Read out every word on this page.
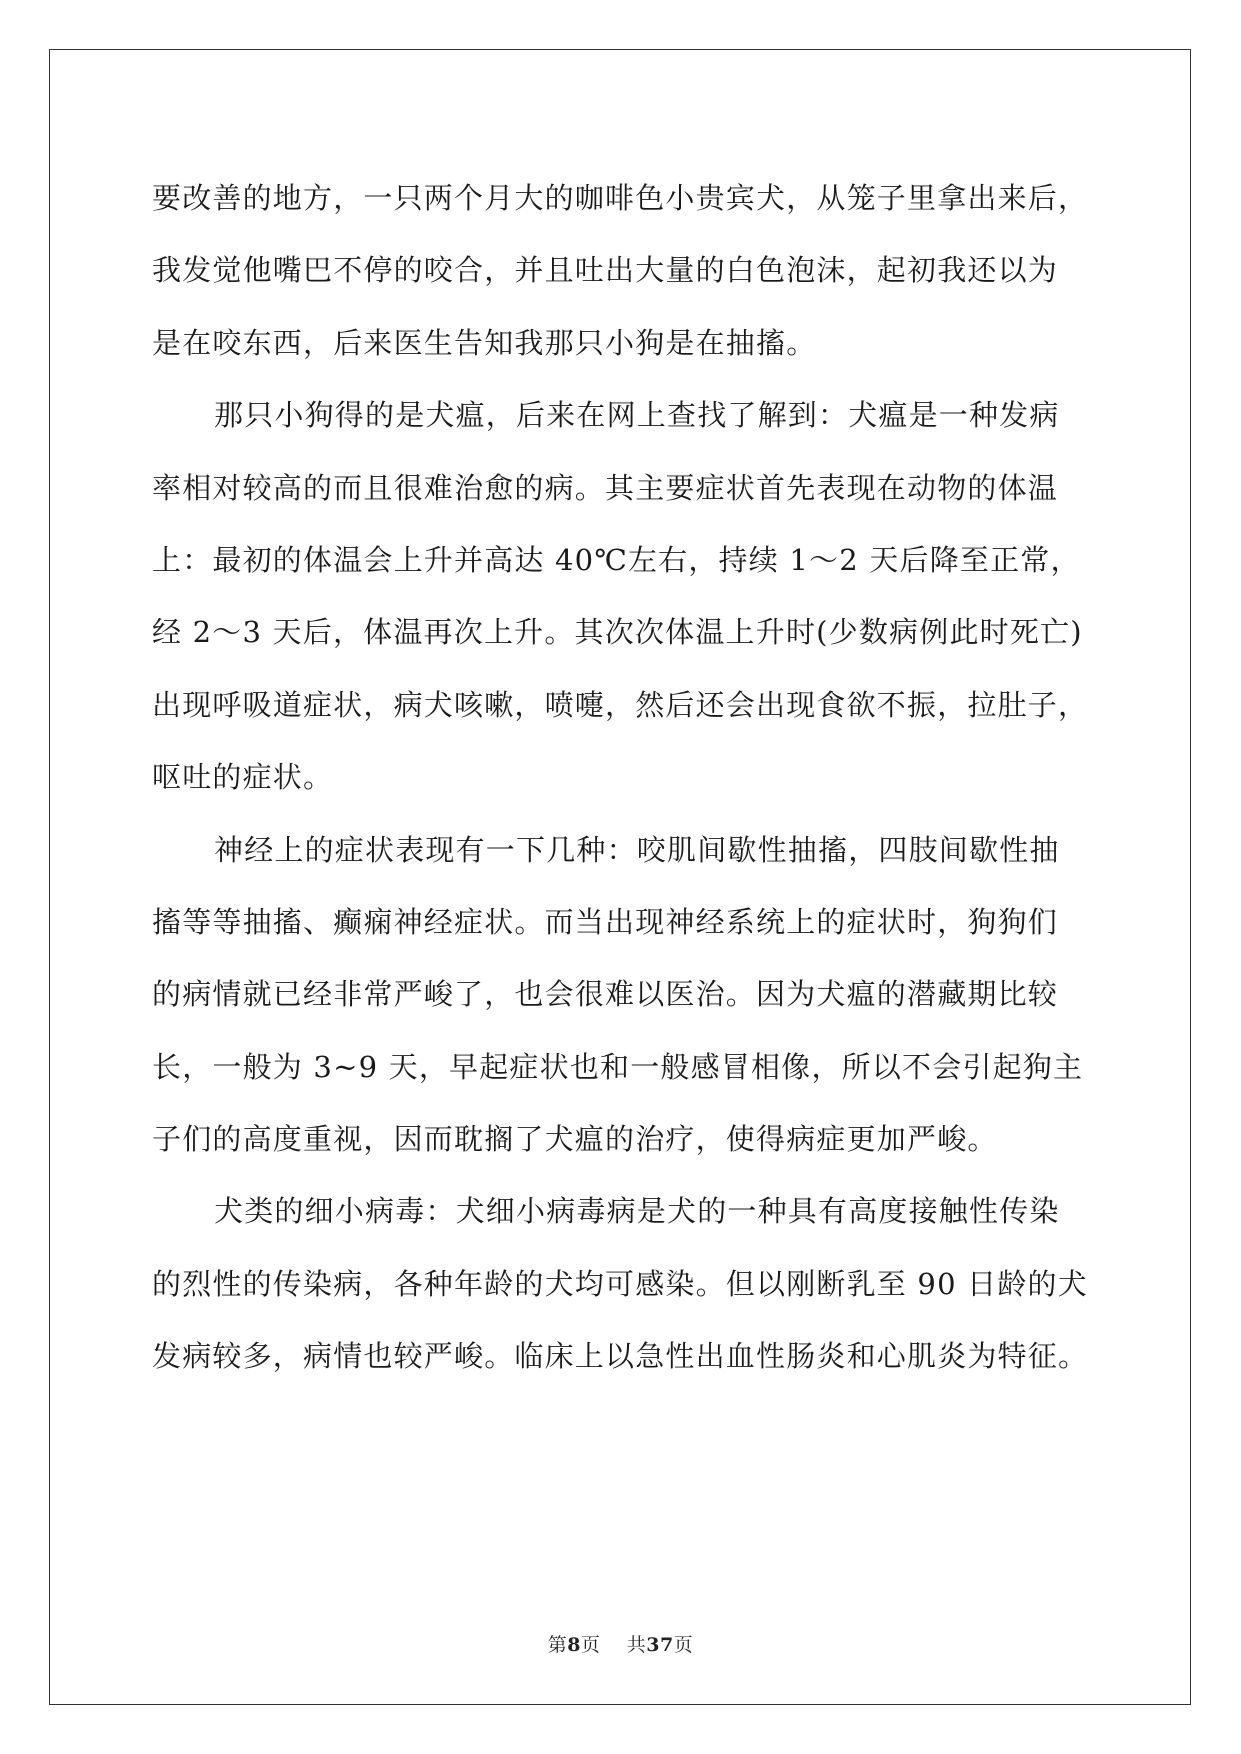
要改善的地方，一只两个月大的咖啡色小贵宾犬，从笼子里拿出来后，

我发觉他嘴巴不停的咬合，并且吐出大量的白色泡沫，起初我还以为

是在咬东西，后来医生告知我那只小狗是在抽搐。

那只小狗得的是犬瘟，后来在网上查找了解到：犬瘟是一种发病

率相对较高的而且很难治愈的病。其主要症状首先表现在动物的体温

上：最初的体温会上升并高达 40℃左右，持续 1～2 天后降至正常，

经 2～3 天后，体温再次上升。其次次体温上升时(少数病例此时死亡)

出现呼吸道症状，病犬咳嗽，喷嚏，然后还会出现食欲不振，拉肚子，

呕吐的症状。

神经上的症状表现有一下几种：咬肌间歇性抽搐，四肢间歇性抽

搐等等抽搐、癫痫神经症状。而当出现神经系统上的症状时，狗狗们

的病情就已经非常严峻了，也会很难以医治。因为犬瘟的潜藏期比较

长，一般为 3~9 天，早起症状也和一般感冒相像，所以不会引起狗主

子们的高度重视，因而耽搁了犬瘟的治疗，使得病症更加严峻。

犬类的细小病毒：犬细小病毒病是犬的一种具有高度接触性传染

的烈性的传染病，各种年龄的犬均可感染。但以刚断乳至 90 日龄的犬

发病较多，病情也较严峻。临床上以急性出血性肠炎和心肌炎为特征。

第8页 共37页
